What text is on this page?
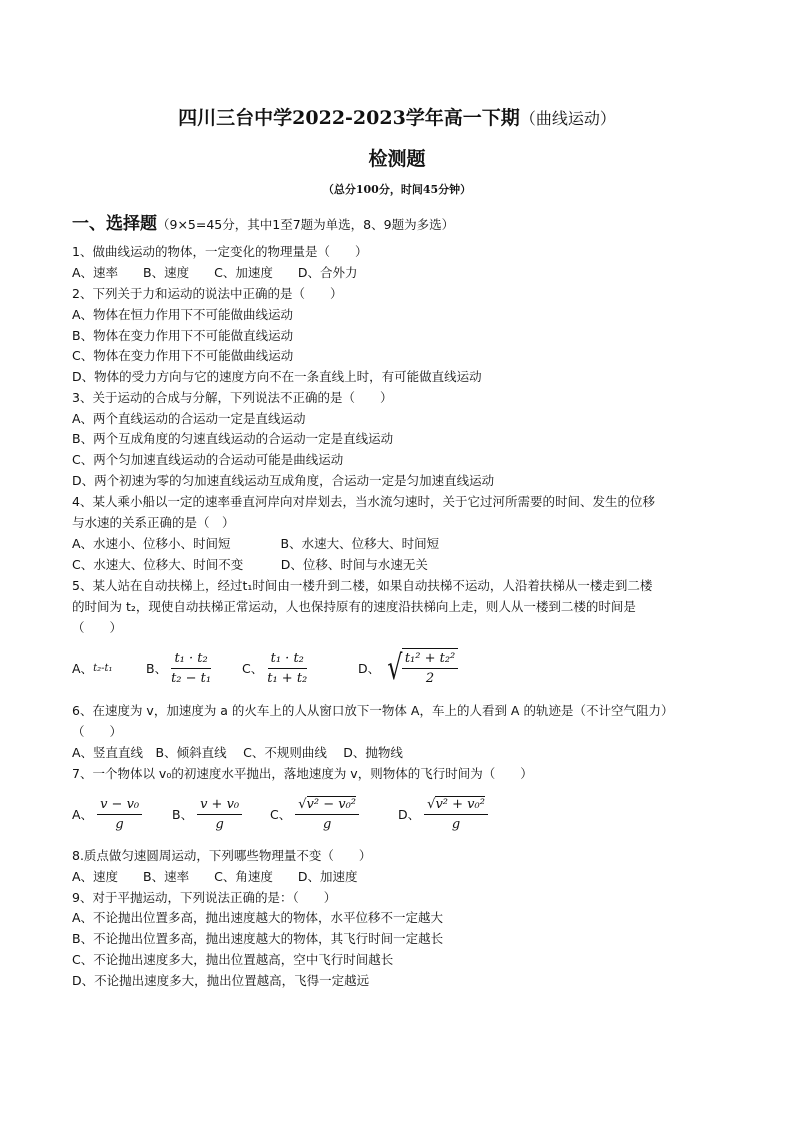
四川三台中学2022-2023学年高一下期（曲线运动）
检测题
（总分100分，时间45分钟）
一、选择题（9×5=45分，其中1至7题为单选，8、9题为多选）
1、做曲线运动的物体，一定变化的物理量是（　　）
A、速率　　B、速度　　C、加速度　　D、合外力
2、下列关于力和运动的说法中正确的是（　　）
A、物体在恒力作用下不可能做曲线运动
B、物体在变力作用下不可能做直线运动
C、物体在变力作用下不可能做曲线运动
D、物体的受力方向与它的速度方向不在一条直线上时，有可能做直线运动
3、关于运动的合成与分解，下列说法不正确的是（　　）
A、两个直线运动的合运动一定是直线运动
B、两个互成角度的匀速直线运动的合运动一定是直线运动
C、两个匀加速直线运动的合运动可能是曲线运动
D、两个初速为零的匀加速直线运动互成角度，合运动一定是匀加速直线运动
4、某人乘小船以一定的速率垂直河岸向对岸划去，当水流匀速时，关于它过河所需要的时间、发生的位移
与水速的关系正确的是（　）
A、水速小、位移小、时间短　　　　B、水速大、位移大、时间短
C、水速大、位移大、时间不变　　　D、位移、时间与水速无关
5、某人站在自动扶梯上，经过t₁时间由一楼升到二楼，如果自动扶梯不运动，人沿着扶梯从一楼走到二楼
的时间为 t₂，现使自动扶梯正常运动，人也保持原有的速度沿扶梯向上走，则人从一楼到二楼的时间是
（　　）
A、 t₂-t₁	B、 $\frac{\text{t₁ · t₂}}{\text{t₂ − t₁}}$ C、 $\frac{\text{t₁ · t₂}}{\text{t₁ + t₂}}$	D、 √ $\frac{\text{t₁² + t₂²}}{2}$
6、在速度为 v，加速度为 a 的火车上的人从窗口放下一物体 A，车上的人看到 A 的轨迹是（不计空气阻力）
（　　）
A、竖直直线　B、倾斜直线　 C、不规则曲线　 D、抛物线
7、一个物体以 v₀的初速度水平抛出，落地速度为 v，则物体的飞行时间为（　　）
A、 $\frac{\text{v − v₀}}{g}$ B、 $\frac{\text{v + v₀}}{g}$ C、 $\frac{\text{√v² − v₀²}}{g}$	D、 $\frac{\text{√v² + v₀²}}{g}$
8.质点做匀速圆周运动，下列哪些物理量不变（　　）
A、速度　　B、速率　　C、角速度　　D、加速度
9、对于平抛运动，下列说法正确的是：（　　）
A、不论抛出位置多高，抛出速度越大的物体，水平位移不一定越大
B、不论抛出位置多高，抛出速度越大的物体，其飞行时间一定越长
C、不论抛出速度多大，抛出位置越高，空中飞行时间越长
D、不论抛出速度多大，抛出位置越高，飞得一定越远
